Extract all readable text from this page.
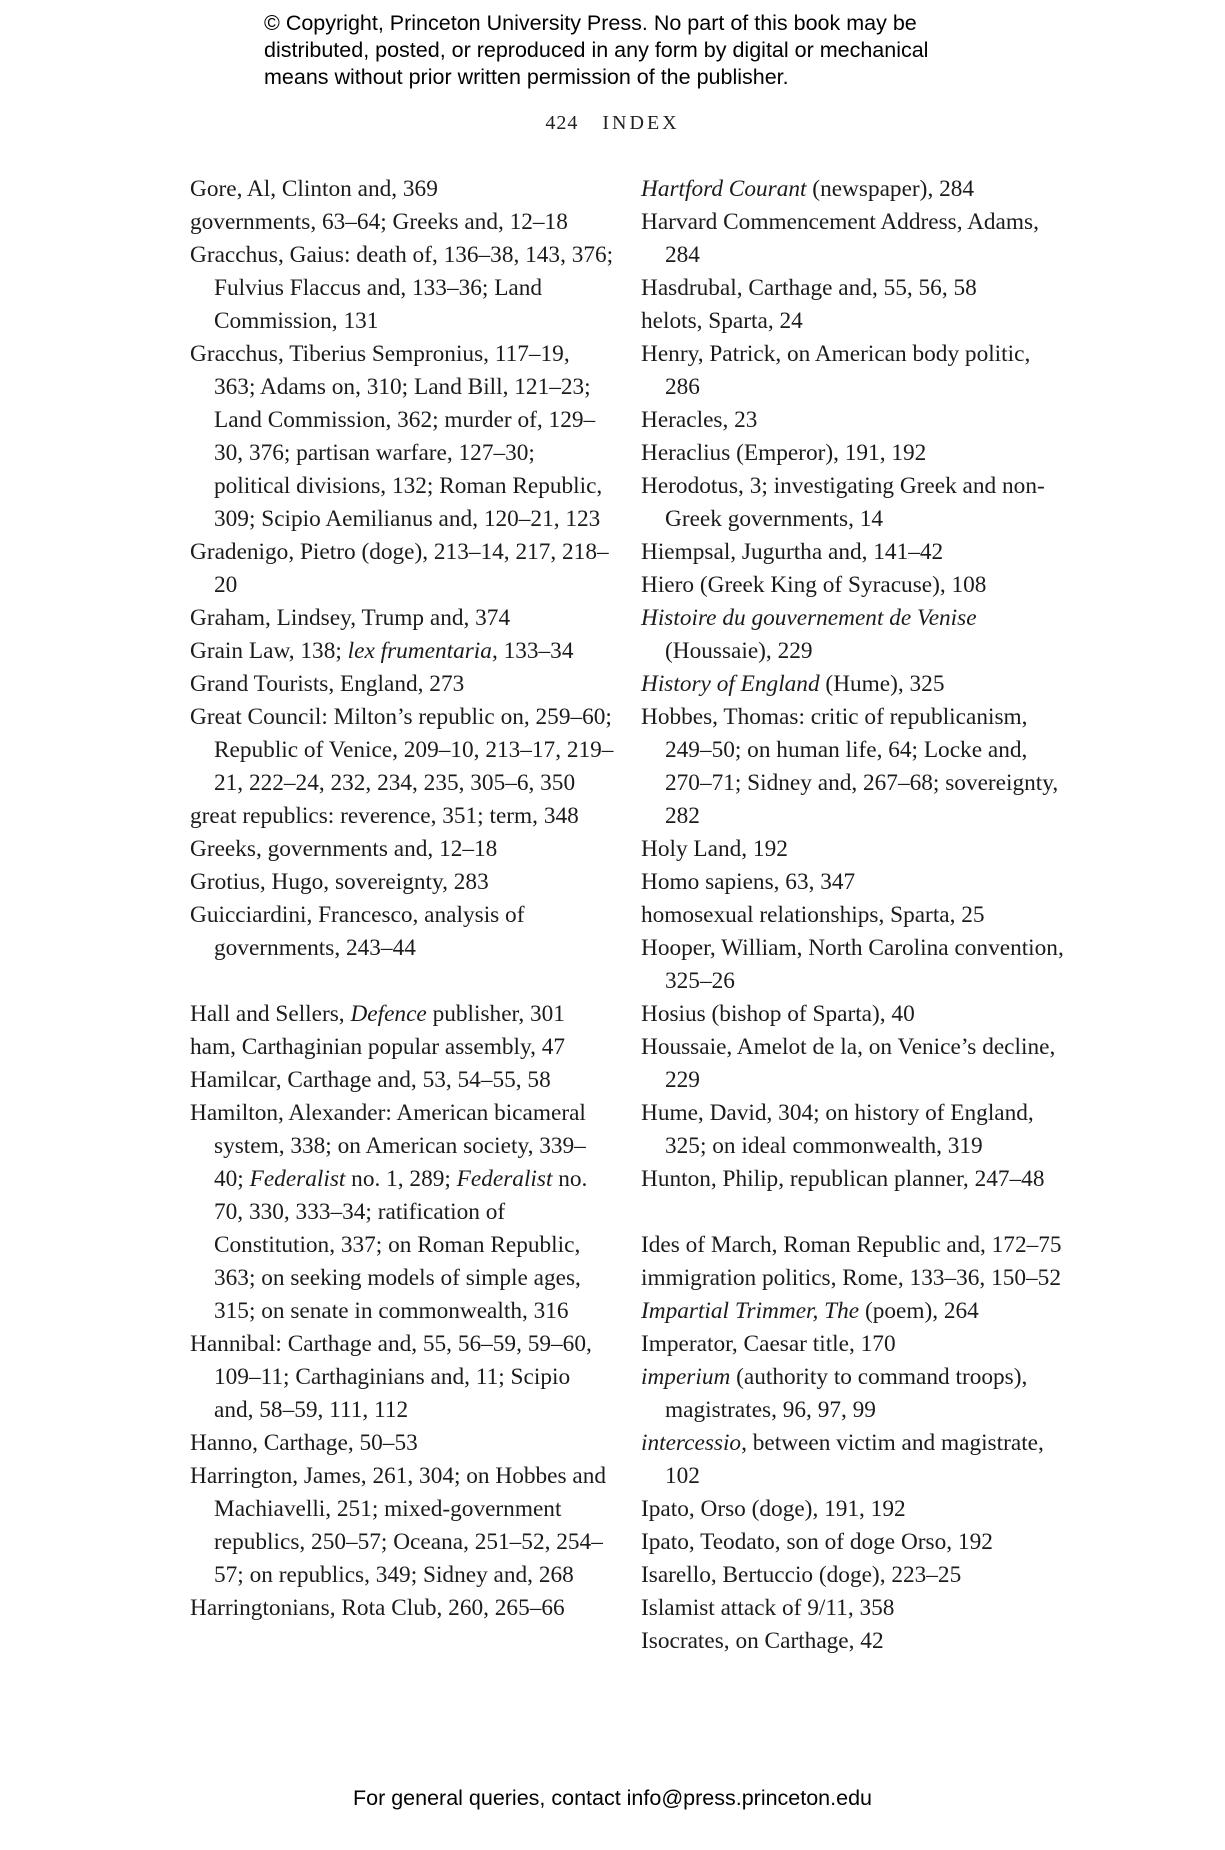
© Copyright, Princeton University Press. No part of this book may be
distributed, posted, or reproduced in any form by digital or mechanical
means without prior written permission of the publisher.
424 INDEX
Gore, Al, Clinton and, 369
governments, 63–64; Greeks and, 12–18
Gracchus, Gaius: death of, 136–38, 143, 376; Fulvius Flaccus and, 133–36; Land Commission, 131
Gracchus, Tiberius Sempronius, 117–19, 363; Adams on, 310; Land Bill, 121–23; Land Commission, 362; murder of, 129–30, 376; partisan warfare, 127–30; political divisions, 132; Roman Republic, 309; Scipio Aemilianus and, 120–21, 123
Gradenigo, Pietro (doge), 213–14, 217, 218–20
Graham, Lindsey, Trump and, 374
Grain Law, 138; lex frumentaria, 133–34
Grand Tourists, England, 273
Great Council: Milton’s republic on, 259–60; Republic of Venice, 209–10, 213–17, 219–21, 222–24, 232, 234, 235, 305–6, 350
great republics: reverence, 351; term, 348
Greeks, governments and, 12–18
Grotius, Hugo, sovereignty, 283
Guicciardini, Francesco, analysis of governments, 243–44
Hall and Sellers, Defence publisher, 301
ham, Carthaginian popular assembly, 47
Hamilcar, Carthage and, 53, 54–55, 58
Hamilton, Alexander: American bicameral system, 338; on American society, 339–40; Federalist no. 1, 289; Federalist no. 70, 330, 333–34; ratification of Constitution, 337; on Roman Republic, 363; on seeking models of simple ages, 315; on senate in commonwealth, 316
Hannibal: Carthage and, 55, 56–59, 59–60, 109–11; Carthaginians and, 11; Scipio and, 58–59, 111, 112
Hanno, Carthage, 50–53
Harrington, James, 261, 304; on Hobbes and Machiavelli, 251; mixed-government republics, 250–57; Oceana, 251–52, 254–57; on republics, 349; Sidney and, 268
Harringtonians, Rota Club, 260, 265–66
Hartford Courant (newspaper), 284
Harvard Commencement Address, Adams, 284
Hasdrubal, Carthage and, 55, 56, 58
helots, Sparta, 24
Henry, Patrick, on American body politic, 286
Heracles, 23
Heraclius (Emperor), 191, 192
Herodotus, 3; investigating Greek and non-Greek governments, 14
Hiempsal, Jugurtha and, 141–42
Hiero (Greek King of Syracuse), 108
Histoire du gouvernement de Venise (Houssaie), 229
History of England (Hume), 325
Hobbes, Thomas: critic of republicanism, 249–50; on human life, 64; Locke and, 270–71; Sidney and, 267–68; sovereignty, 282
Holy Land, 192
Homo sapiens, 63, 347
homosexual relationships, Sparta, 25
Hooper, William, North Carolina convention, 325–26
Hosius (bishop of Sparta), 40
Houssaie, Amelot de la, on Venice’s decline, 229
Hume, David, 304; on history of England, 325; on ideal commonwealth, 319
Hunton, Philip, republican planner, 247–48
Ides of March, Roman Republic and, 172–75
immigration politics, Rome, 133–36, 150–52
Impartial Trimmer, The (poem), 264
Imperator, Caesar title, 170
imperium (authority to command troops), magistrates, 96, 97, 99
intercessio, between victim and magistrate, 102
Ipato, Orso (doge), 191, 192
Ipato, Teodato, son of doge Orso, 192
Isarello, Bertuccio (doge), 223–25
Islamist attack of 9/11, 358
Isocrates, on Carthage, 42
For general queries, contact info@press.princeton.edu
